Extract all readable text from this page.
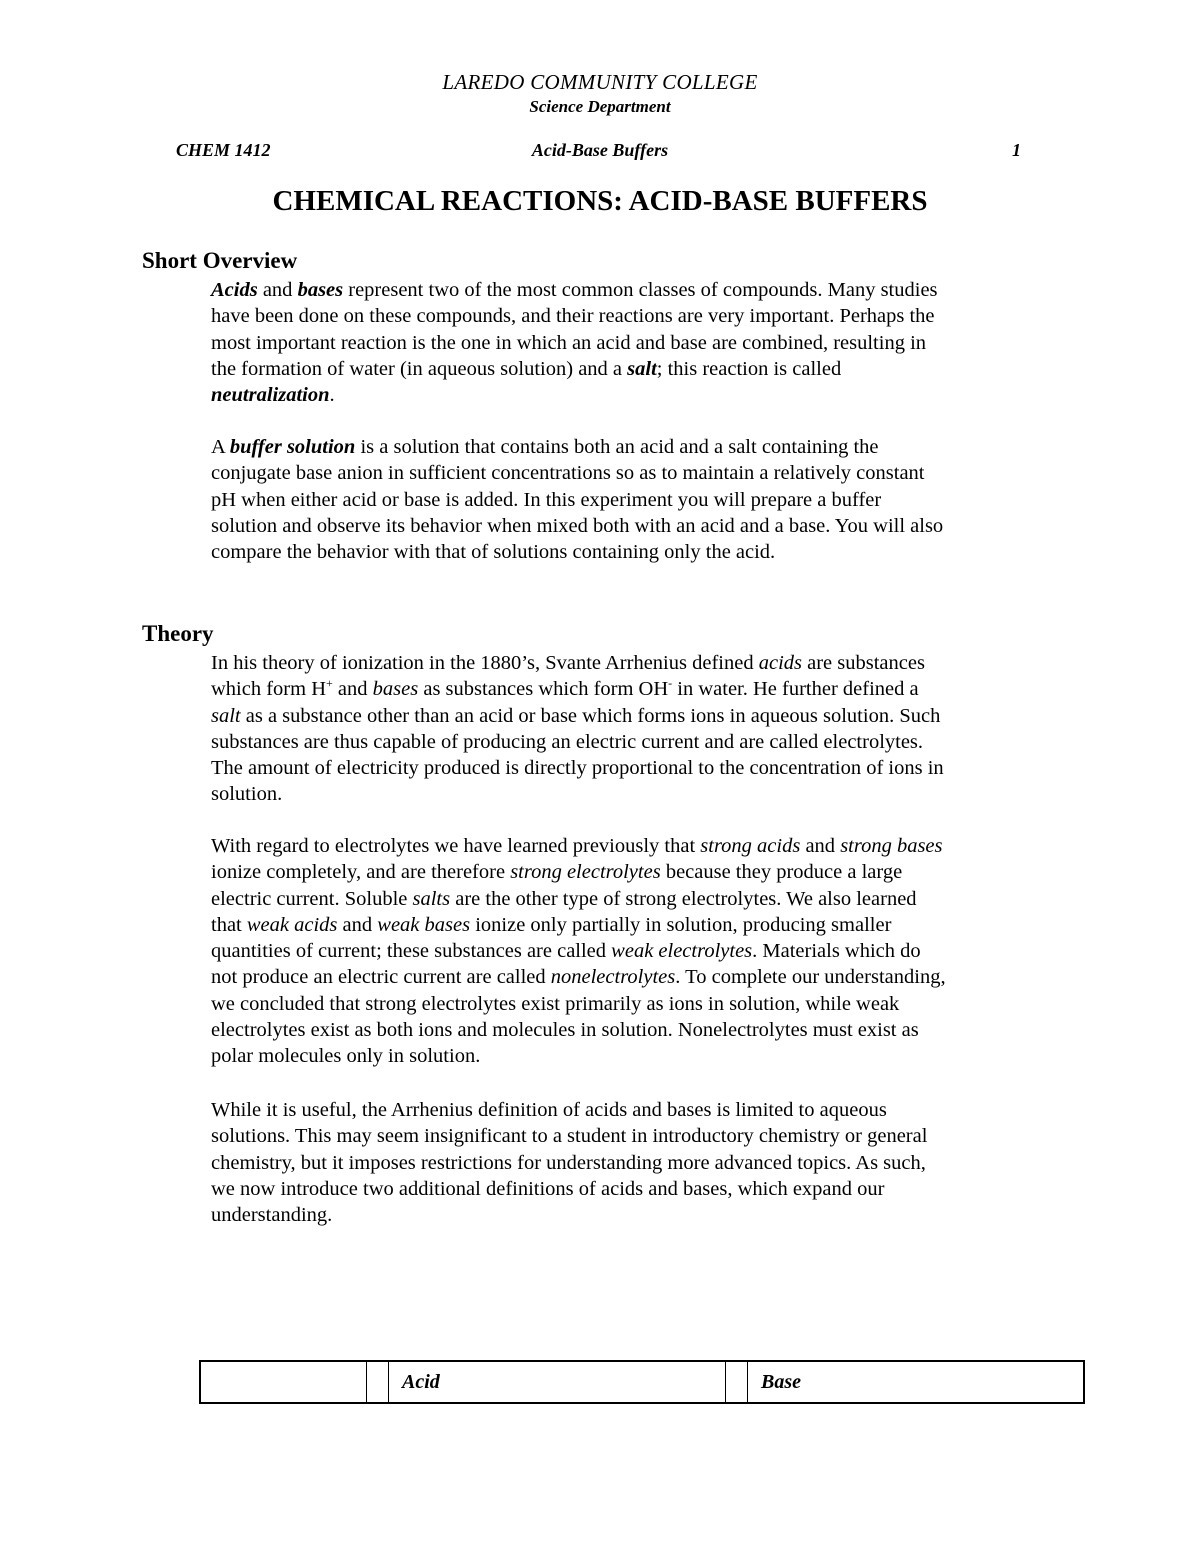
LAREDO COMMUNITY COLLEGE
Science Department
CHEM 1412	Acid-Base Buffers	1
CHEMICAL REACTIONS: ACID-BASE BUFFERS
Short Overview
Acids and bases represent two of the most common classes of compounds. Many studies
have been done on these compounds, and their reactions are very important. Perhaps the
most important reaction is the one in which an acid and base are combined, resulting in
the formation of water (in aqueous solution) and a salt; this reaction is called
neutralization.
A buffer solution is a solution that contains both an acid and a salt containing the
conjugate base anion in sufficient concentrations so as to maintain a relatively constant
pH when either acid or base is added. In this experiment you will prepare a buffer
solution and observe its behavior when mixed both with an acid and a base. You will also
compare the behavior with that of solutions containing only the acid.
Theory
In his theory of ionization in the 1880’s, Svante Arrhenius defined acids are substances
which form H+ and bases as substances which form OH- in water. He further defined a
salt as a substance other than an acid or base which forms ions in aqueous solution. Such
substances are thus capable of producing an electric current and are called electrolytes.
The amount of electricity produced is directly proportional to the concentration of ions in
solution.
With regard to electrolytes we have learned previously that strong acids and strong bases
ionize completely, and are therefore strong electrolytes because they produce a large
electric current. Soluble salts are the other type of strong electrolytes. We also learned
that weak acids and weak bases ionize only partially in solution, producing smaller
quantities of current; these substances are called weak electrolytes. Materials which do
not produce an electric current are called nonelectrolytes. To complete our understanding,
we concluded that strong electrolytes exist primarily as ions in solution, while weak
electrolytes exist as both ions and molecules in solution. Nonelectrolytes must exist as
polar molecules only in solution.
While it is useful, the Arrhenius definition of acids and bases is limited to aqueous
solutions. This may seem insignificant to a student in introductory chemistry or general
chemistry, but it imposes restrictions for understanding more advanced topics. As such,
we now introduce two additional definitions of acids and bases, which expand our
understanding.
Acid	Base
